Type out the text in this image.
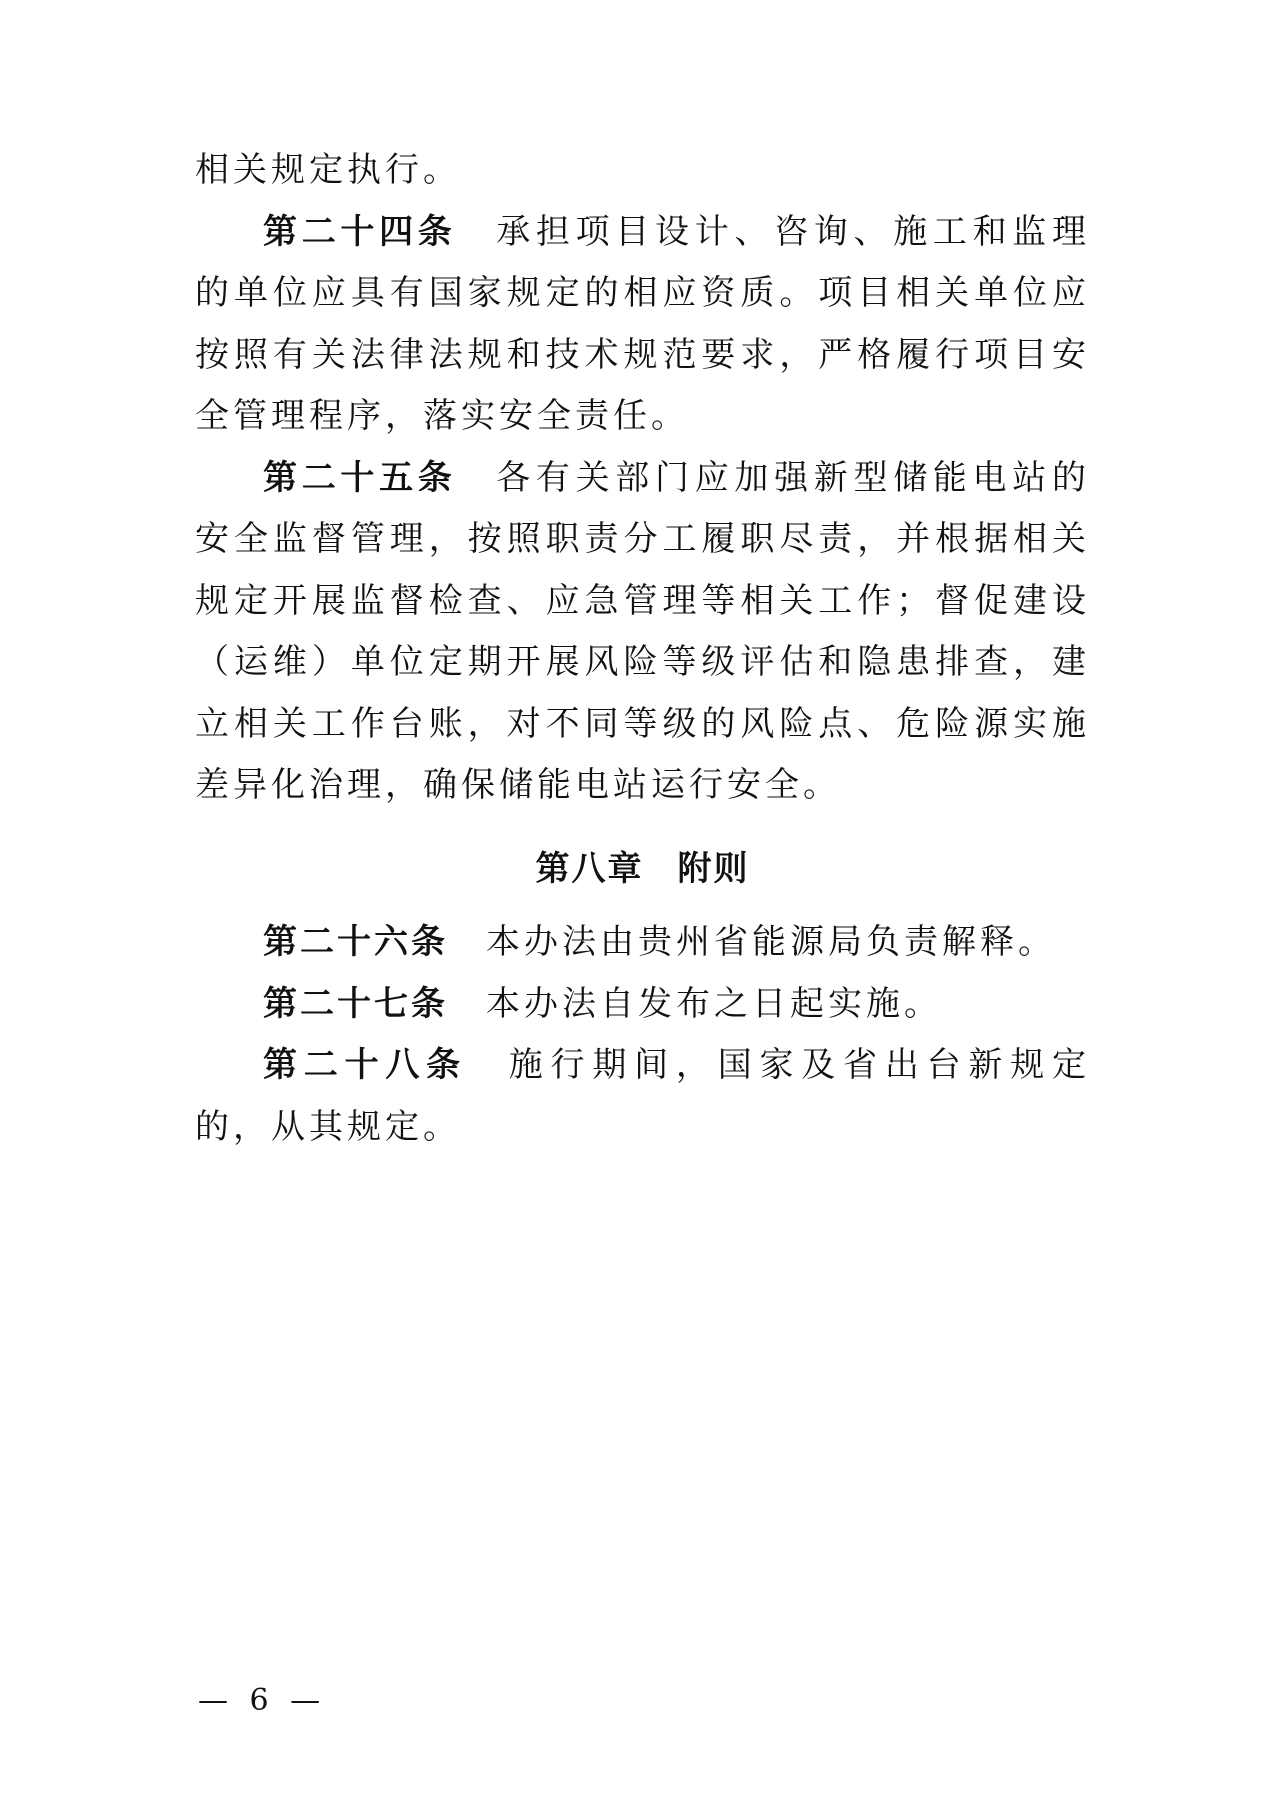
相关规定执行。

第二十四条 承担项目设计、咨询、施工和监理的单位应具有国家规定的相应资质。项目相关单位应按照有关法律法规和技术规范要求，严格履行项目安全管理程序，落实安全责任。

第二十五条 各有关部门应加强新型储能电站的安全监督管理，按照职责分工履职尽责，并根据相关规定开展监督检查、应急管理等相关工作；督促建设（运维）单位定期开展风险等级评估和隐患排查，建立相关工作台账，对不同等级的风险点、危险源实施差异化治理，确保储能电站运行安全。

第八章 附则

第二十六条 本办法由贵州省能源局负责解释。

第二十七条 本办法自发布之日起实施。

第二十八条 施行期间，国家及省出台新规定的，从其规定。

— 6 —
